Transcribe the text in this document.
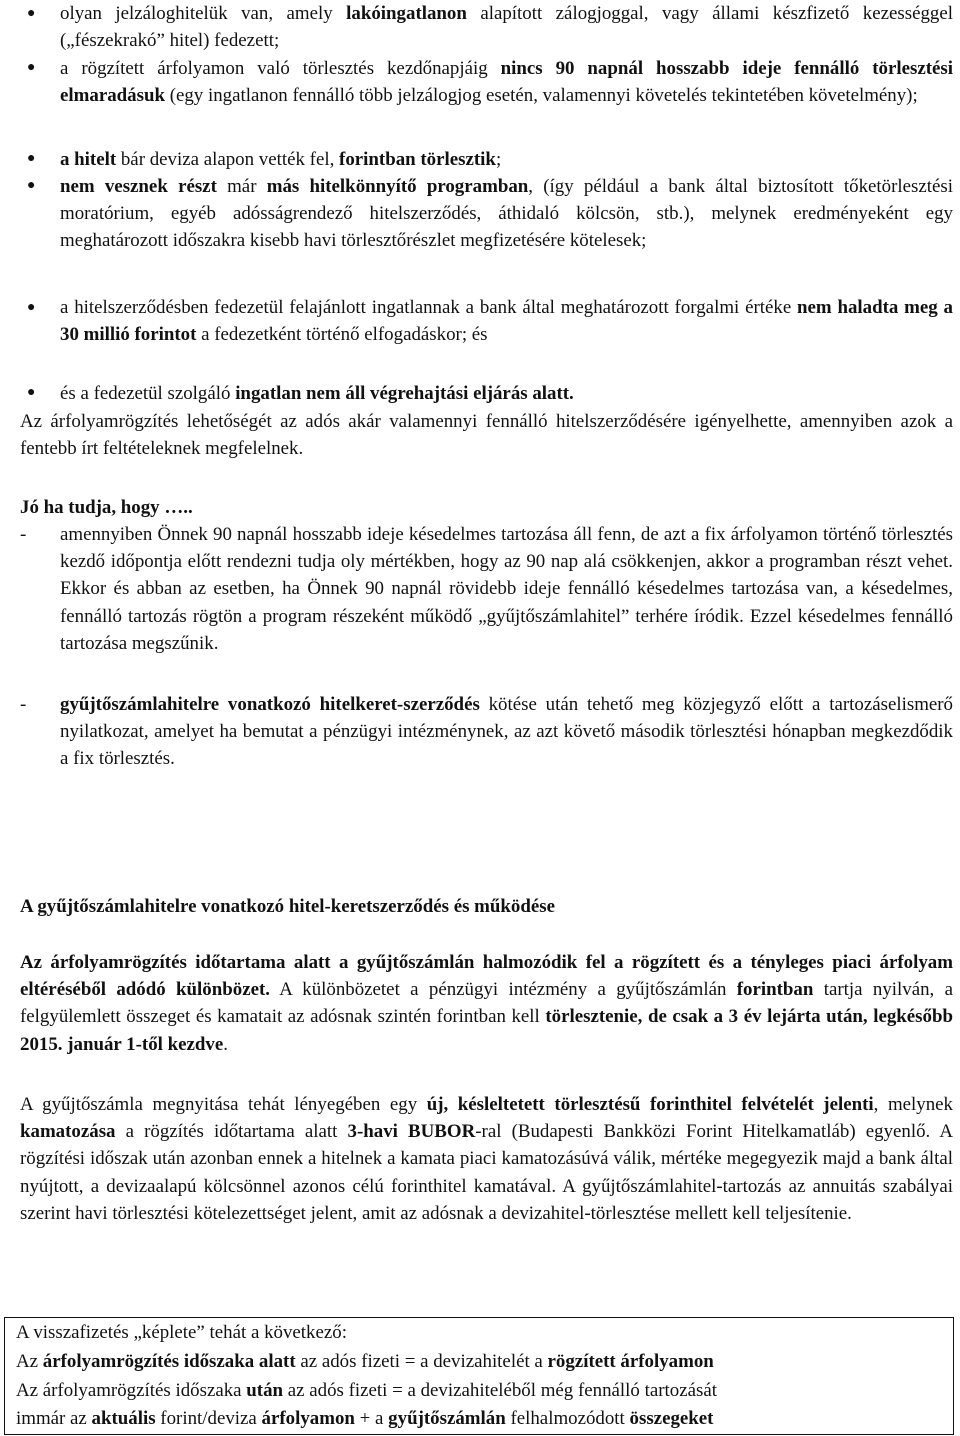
● olyan jelzáloghitelük van, amely lakóingatlanon alapított zálogjoggal, vagy állami készfizető kezességgel („fészekrakó” hitel) fedezett;
● a rögzített árfolyamon való törlesztés kezdőnapjáig nincs 90 napnál hosszabb ideje fennálló törlesztési elmaradásuk (egy ingatlanon fennálló több jelzálogjog esetén, valamennyi követelés tekintetében követelmény);
● a hitelt bár deviza alapon vették fel, forintban törlesztik;
● nem vesznek részt már más hitelkönnyítő programban, (így például a bank által biztosított tőketörlesztési moratórium, egyéb adósságrendező hitelszerződés, áthidaló kölcsön, stb.), melynek eredményeként egy meghatározott időszakra kisebb havi törlesztőrészlet megfizetésére kötelesek;
● a hitelszerződésben fedezetül felajánlott ingatlannak a bank által meghatározott forgalmi értéke nem haladta meg a 30 millió forintot a fedezetként történő elfogadáskor; és
● és a fedezetül szolgáló ingatlan nem áll végrehajtási eljárás alatt.
Az árfolyamrögzítés lehetőségét az adós akár valamennyi fennálló hitelszerződésére igényelhette, amennyiben azok a fentebb írt feltételeknek megfelelnek.
Jó ha tudja, hogy …..
- amennyiben Önnek 90 napnál hosszabb ideje késedelmes tartozása áll fenn, de azt a fix árfolyamon történő törlesztés kezdő időpontja előtt rendezni tudja oly mértékben, hogy az 90 nap alá csökkenjen, akkor a programban részt vehet. Ekkor és abban az esetben, ha Önnek 90 napnál rövidebb ideje fennálló késedelmes tartozása van, a késedelmes, fennálló tartozás rögtön a program részeként működő „gyűjtőszámlahitel” terhére íródik. Ezzel késedelmes fennálló tartozása megszűnik.
- gyűjtőszámlahitelre vonatkozó hitelkeret-szerződés kötése után tehető meg közjegyző előtt a tartozáselismerő nyilatkozat, amelyet ha bemutat a pénzügyi intézménynek, az azt követő második törlesztési hónapban megkezdődik a fix törlesztés.
A gyűjtőszámlahitelre vonatkozó hitel-keretszerződés és működése
Az árfolyamrögzítés időtartama alatt a gyűjtőszámlán halmozódik fel a rögzített és a tényleges piaci árfolyam eltéréséből adódó különbözet. A különbözetet a pénzügyi intézmény a gyűjtőszámlán forintban tartja nyilván, a felgyülemlett összeget és kamatait az adósnak szintén forintban kell törlesztenie, de csak a 3 év lejárta után, legkésőbb 2015. január 1-től kezdve.
A gyűjtőszámla megnyitása tehát lényegében egy új, késleltetett törlesztésű forinthitel felvételét jelenti, melynek kamatozása a rögzítés időtartama alatt 3-havi BUBOR-ral (Budapesti Bankközi Forint Hitelkamatláb) egyenlő. A rögzítési időszak után azonban ennek a hitelnek a kamata piaci kamatozásúvá válik, mértéke megegyezik majd a bank által nyújtott, a devizaalapú kölcsönnel azonos célú forinthitel kamatával. A gyűjtőszámlahitel-tartozás az annuitás szabályai szerint havi törlesztési kötelezettséget jelent, amit az adósnak a devizahitel-törlesztése mellett kell teljesítenie.
A visszafizetés „képlete” tehát a következő:
Az árfolyamrögzítés időszaka alatt az adós fizeti = a devizahitelét a rögzített árfolyamon
Az árfolyamrögzítés időszaka után az adós fizeti = a devizahiteléből még fennálló tartozását
immár az aktuális forint/deviza árfolyamon + a gyűjtőszámlán felhalmozódott összegeket
